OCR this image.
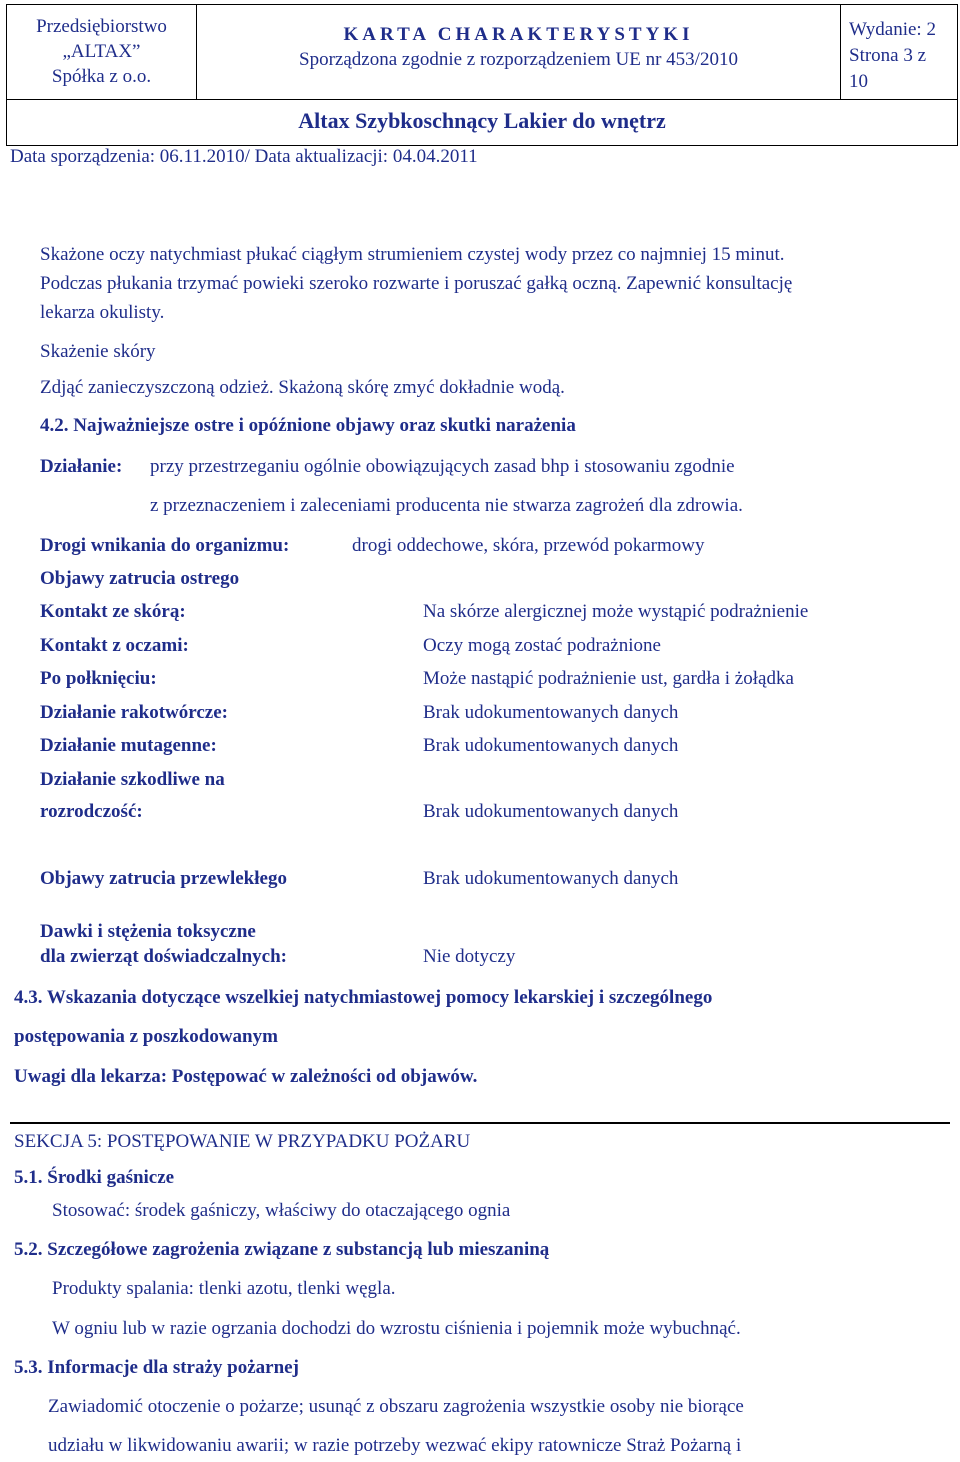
Przedsiębiorstwo
„ALTAX”
Spółka z o.o.
KARTA CHARAKTERYSTYKI
Sporządzona zgodnie z rozporządzeniem UE nr 453/2010
Wydanie: 2
Strona 3 z
10
Altax Szybkoschnący Lakier do wnętrz
Data sporządzenia: 06.11.2010/ Data aktualizacji: 04.04.2011
Skażone oczy natychmiast płukać ciągłym strumieniem czystej wody przez co najmniej 15 minut.
Podczas płukania trzymać powieki szeroko rozwarte i poruszać gałką oczną. Zapewnić konsultację
lekarza okulisty.
Skażenie skóry
Zdjąć zanieczyszczoną odzież. Skażoną skórę zmyć dokładnie wodą.
4.2. Najważniejsze ostre i opóźnione objawy oraz skutki narażenia
Działanie: przy przestrzeganiu ogólnie obowiązujących zasad bhp i stosowaniu zgodnie
z przeznaczeniem i zaleceniami producenta nie stwarza zagrożeń dla zdrowia.
Drogi wnikania do organizmu:	drogi oddechowe, skóra, przewód pokarmowy
Objawy zatrucia ostrego
Kontakt ze skórą:	Na skórze alergicznej może wystąpić podrażnienie
Kontakt z oczami:	Oczy mogą zostać podrażnione
Po połknięciu:	Może nastąpić podrażnienie ust, gardła i żołądka
Działanie rakotwórcze:	Brak udokumentowanych danych
Działanie mutagenne:	Brak udokumentowanych danych
Działanie szkodliwe na
rozrodczość:	Brak udokumentowanych danych
Objawy zatrucia przewlekłego	Brak udokumentowanych danych
Dawki i stężenia toksyczne
dla zwierząt doświadczalnych:	Nie dotyczy
4.3. Wskazania dotyczące wszelkiej natychmiastowej pomocy lekarskiej i szczególnego
postępowania z poszkodowanym
Uwagi dla lekarza: Postępować w zależności od objawów.
SEKCJA 5: POSTĘPOWANIE W PRZYPADKU POŻARU
5.1. Środki gaśnicze
Stosować: środek gaśniczy, właściwy do otaczającego ognia
5.2. Szczegółowe zagrożenia związane z substancją lub mieszaniną
Produkty spalania: tlenki azotu, tlenki węgla.
W ogniu lub w razie ogrzania dochodzi do wzrostu ciśnienia i pojemnik może wybuchnąć.
5.3. Informacje dla straży pożarnej
Zawiadomić otoczenie o pożarze; usunąć z obszaru zagrożenia wszystkie osoby nie biorące
udziału w likwidowaniu awarii; w razie potrzeby wezwać ekipy ratownicze Straż Pożarną i
